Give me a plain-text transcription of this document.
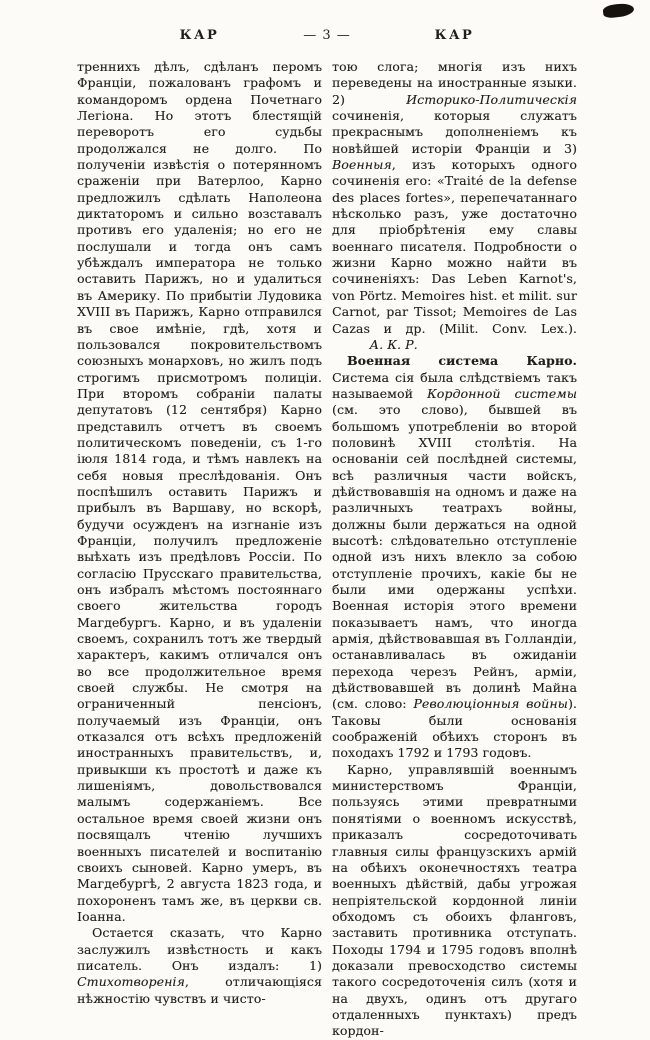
КАР	— 3 —	КАР

треннихъ дѣлъ, сдѣланъ перомъ Франціи, пожалованъ графомъ и командоромъ ордена Почетнаго Легіона. Но этотъ блестящій переворотъ его судьбы продолжался не долго. По полученіи извѣстія о потерянномъ сраженіи при Ватерлоо, Карно предложилъ сдѣлать Наполеона диктаторомъ и сильно возставалъ противъ его удаленія; но его не послушали и тогда онъ самъ убѣждалъ императора не только оставить Парижъ, но и удалиться въ Америку. По прибытіи Лудовика XVIII въ Парижъ, Карно отправился въ свое имѣніе, гдѣ, хотя и пользовался покровительствомъ союзныхъ монарховъ, но жилъ подъ строгимъ присмотромъ полиціи. При второмъ собраніи палаты депутатовъ (12 сентября) Карно представилъ отчетъ въ своемъ политическомъ поведеніи, съ 1-го іюля 1814 года, и тѣмъ навлекъ на себя новыя преслѣдованія. Онъ поспѣшилъ оставить Парижъ и прибылъ въ Варшаву, но вскорѣ, будучи осужденъ на изгнаніе изъ Франціи, получилъ предложеніе выѣхать изъ предѣловъ Россіи. По согласію Прусскаго правительства, онъ избралъ мѣстомъ постояннаго своего жительства городъ Магдебургъ. Карно, и въ удаленіи своемъ, сохранилъ тотъ же твердый характеръ, какимъ отличался онъ во все продолжительное время своей службы. Не смотря на ограниченный пенсіонъ, получаемый изъ Франціи, онъ отказался отъ всѣхъ предложеній иностранныхъ правительствъ, и, привыкши къ простотѣ и даже къ лишеніямъ, довольствовался малымъ содержаніемъ. Все остальное время своей жизни онъ посвящалъ чтенію лучшихъ военныхъ писателей и воспитанію своихъ сыновей. Карно умеръ, въ Магдебургѣ, 2 августа 1823 года, и похороненъ тамъ же, въ церкви св. Іоанна.

Остается сказать, что Карно заслужилъ извѣстность и какъ писатель. Онъ издалъ: 1) Стихотворенія, отличающіяся нѣжностію чувствъ и чисто-

тою слога; многія изъ нихъ переведены на иностранные языки. 2) Историко-Политическія сочиненія, которыя служатъ прекраснымъ дополненіемъ къ новѣйшей исторіи Франціи и 3) Военныя, изъ которыхъ одного сочиненія его: «Traité de la defense des places fortes», перепечатаннаго нѣсколько разъ, уже достаточно для пріобрѣтенія ему славы военнаго писателя. Подробности о жизни Карно можно найти въ сочиненіяхъ: Das Leben Karnot's, von Pörtz. Memoires hist. et milit. sur Carnot, par Tissot; Memoires de Las Cazas и др. (Milit. Conv. Lex.).А. К. Р.

Военная система Карно. Система сія была слѣдствіемъ такъ называемой Кордонной системы (см. это слово), бывшей въ большомъ употребленіи во второй половинѣ XVIII столѣтія. На основаніи сей послѣдней системы, всѣ различныя части войскъ, дѣйствовавшія на одномъ и даже на различныхъ театрахъ войны, должны были держаться на одной высотѣ: слѣдовательно отступленіе одной изъ нихъ влекло за собою отступленіе прочихъ, какіе бы не были ими одержаны успѣхи. Военная исторія этого времени показываетъ намъ, что иногда армія, дѣйствовавшая въ Голландіи, останавливалась въ ожиданіи перехода черезъ Рейнъ, арміи, дѣйствовавшей въ долинѣ Майна (см. слово: Революціонныя войны). Таковы были основанія соображеній обѣихъ сторонъ въ походахъ 1792 и 1793 годовъ.

Карно, управлявшій военнымъ министерствомъ Франціи, пользуясь этими превратными понятіями о военномъ искусствѣ, приказалъ сосредоточивать главныя силы французскихъ армій на обѣихъ оконечностяхъ театра военныхъ дѣйствій, дабы угрожая непріятельской кордонной линіи обходомъ съ обоихъ фланговъ, заставить противника отступать. Походы 1794 и 1795 годовъ вполнѣ доказали превосходство системы такого сосредоточенія силъ (хотя и на двухъ, одинъ отъ другаго отдаленныхъ пунктахъ) предъ кордон-
